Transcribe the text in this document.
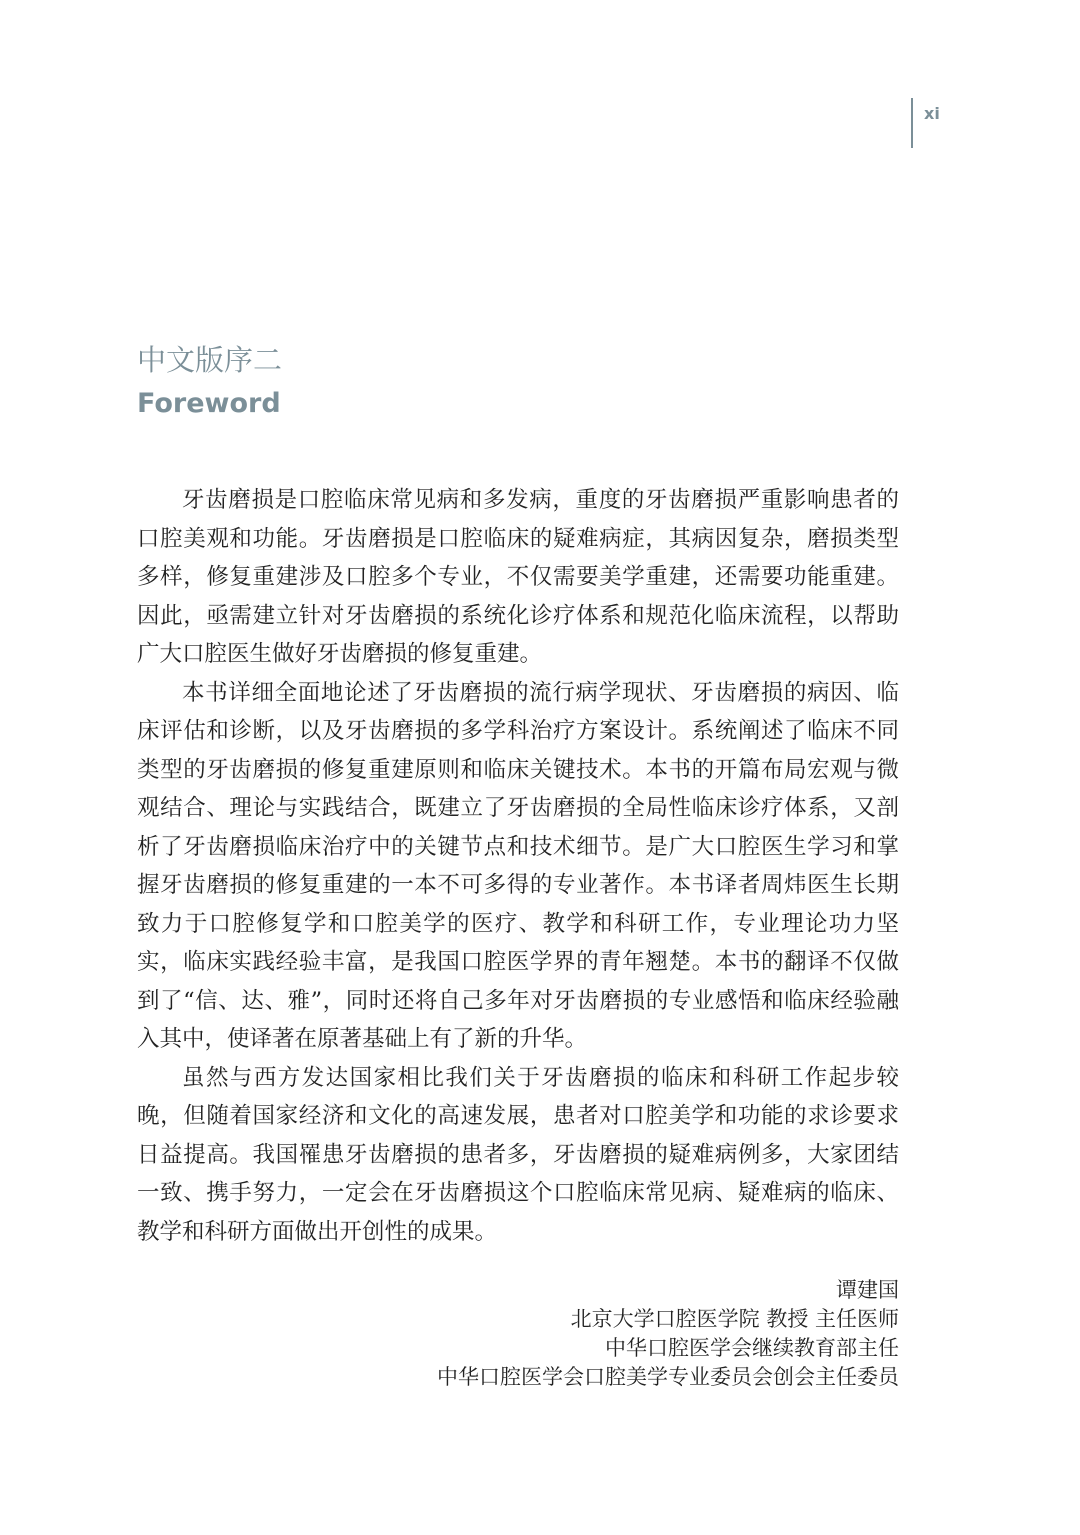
xi
中文版序二
Foreword

牙齿磨损是口腔临床常见病和多发病，重度的牙齿磨损严重影响患者的口腔美观和功能。牙齿磨损是口腔临床的疑难病症，其病因复杂，磨损类型多样，修复重建涉及口腔多个专业，不仅需要美学重建，还需要功能重建。因此，亟需建立针对牙齿磨损的系统化诊疗体系和规范化临床流程，以帮助广大口腔医生做好牙齿磨损的修复重建。

本书详细全面地论述了牙齿磨损的流行病学现状、牙齿磨损的病因、临床评估和诊断，以及牙齿磨损的多学科治疗方案设计。系统阐述了临床不同类型的牙齿磨损的修复重建原则和临床关键技术。本书的开篇布局宏观与微观结合、理论与实践结合，既建立了牙齿磨损的全局性临床诊疗体系，又剖析了牙齿磨损临床治疗中的关键节点和技术细节。是广大口腔医生学习和掌握牙齿磨损的修复重建的一本不可多得的专业著作。本书译者周炜医生长期致力于口腔修复学和口腔美学的医疗、教学和科研工作，专业理论功力坚实，临床实践经验丰富，是我国口腔医学界的青年翘楚。本书的翻译不仅做到了“信、达、雅”，同时还将自己多年对牙齿磨损的专业感悟和临床经验融入其中，使译著在原著基础上有了新的升华。

虽然与西方发达国家相比我们关于牙齿磨损的临床和科研工作起步较晚，但随着国家经济和文化的高速发展，患者对口腔美学和功能的求诊要求日益提高。我国罹患牙齿磨损的患者多，牙齿磨损的疑难病例多，大家团结一致、携手努力，一定会在牙齿磨损这个口腔临床常见病、疑难病的临床、教学和科研方面做出开创性的成果。

谭建国
北京大学口腔医学院 教授 主任医师
中华口腔医学会继续教育部主任
中华口腔医学会口腔美学专业委员会创会主任委员
